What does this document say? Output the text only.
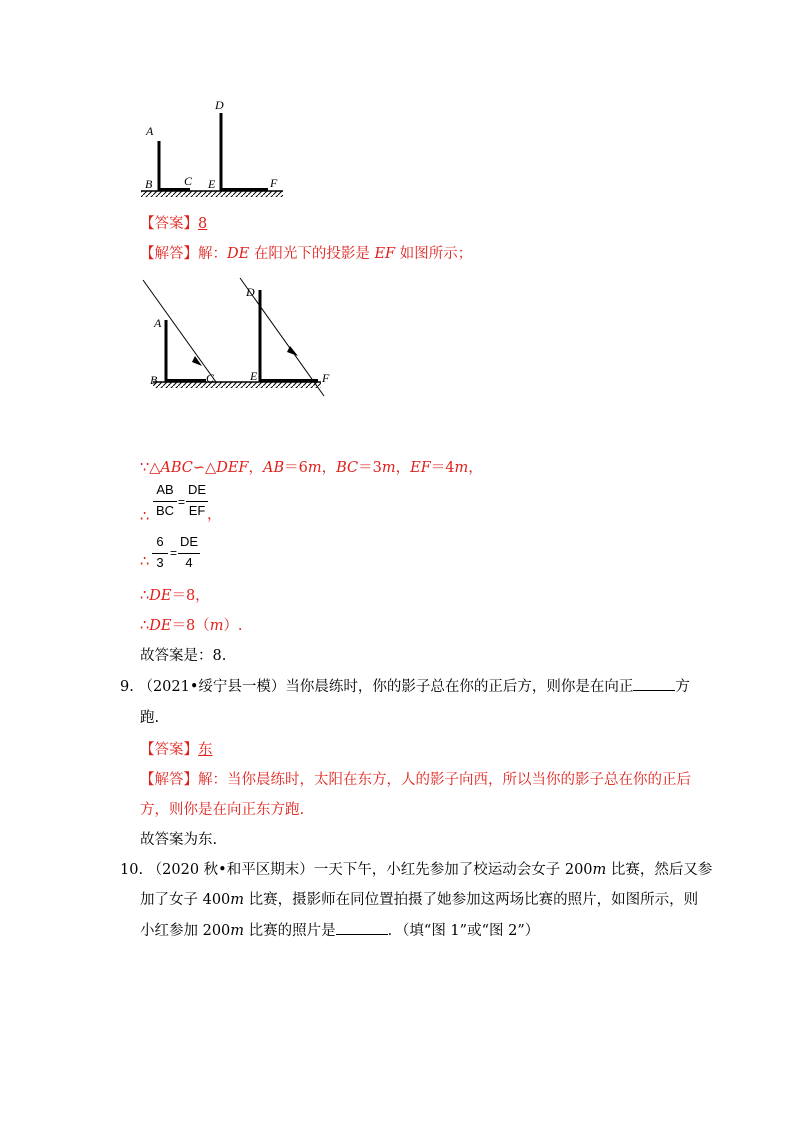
A
B	C
D
E	F
【答案】8
【解答】解：DE 在阳光下的投影是 EF 如图所示；
A
B	C
D
E	F
∵△ABC∽△DEF，AB＝6m，BC＝3m，EF＝4m，
∴
AB
BC
=
DE
EF ，
∴
6
3
=
DE
4
∴DE＝8，
∴DE＝8（m）.
故答案是：8.
9. （2021•绥宁县一模）当你晨练时，你的影子总在你的正后方，则你是在向正	方
跑.
【答案】东
【解答】解：当你晨练时，太阳在东方，人的影子向西，所以当你的影子总在你的正后
方，则你是在向正东方跑.
故答案为东.
10. （2020 秋•和平区期末）一天下午，小红先参加了校运动会女子 200m 比赛，然后又参
加了女子 400m 比赛，摄影师在同位置拍摄了她参加这两场比赛的照片，如图所示，则
小红参加 200m 比赛的照片是	．（填“图 1”或“图 2”）
